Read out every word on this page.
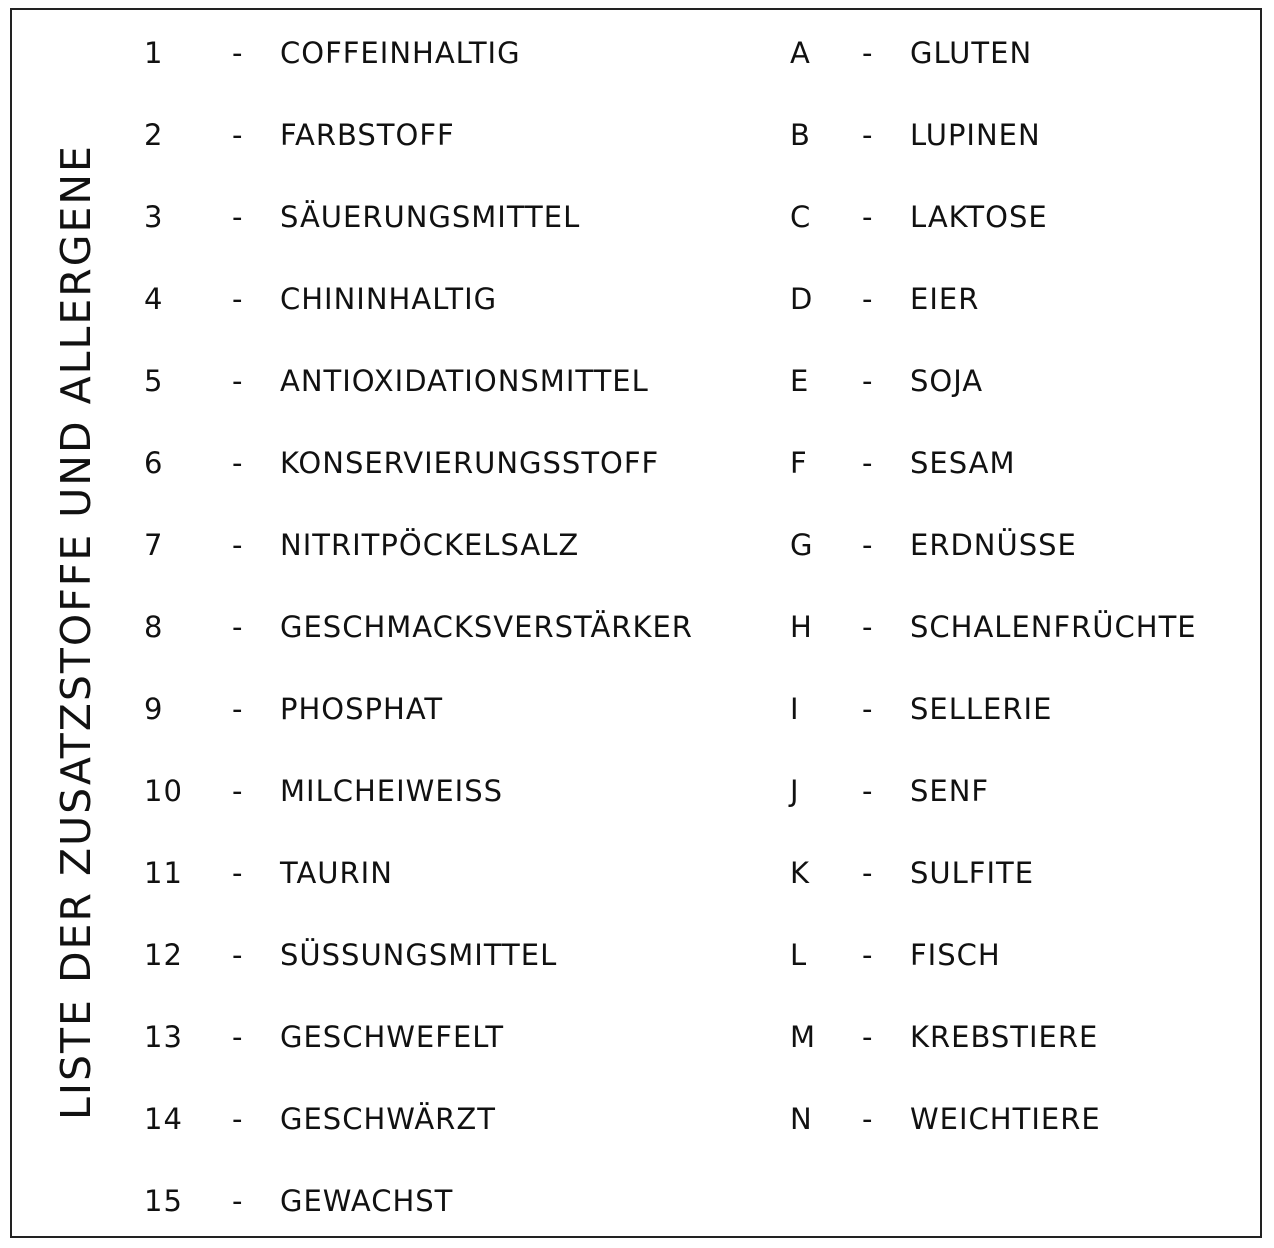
LISTE DER ZUSATZSTOFFE UND ALLERGENE
1 - COFFEINHALTIG
2 - FARBSTOFF
3 - SÄUERUNGSMITTEL
4 - CHININHALTIG
5 - ANTIOXIDATIONSMITTEL
6 - KONSERVIERUNGSSTOFF
7 - NITRITPÖCKELSALZ
8 - GESCHMACKSVERSTÄRKER
9 - PHOSPHAT
10 - MILCHEIWEISS
11 - TAURIN
12 - SÜSSUNGSMITTEL
13 - GESCHWEFELT
14 - GESCHWÄRZT
15 - GEWACHST
A - GLUTEN
B - LUPINEN
C - LAKTOSE
D - EIER
E - SOJA
F - SESAM
G - ERDNÜSSE
H - SCHALENFRÜCHTE
I - SELLERIE
J - SENF
K - SULFITE
L - FISCH
M - KREBSTIERE
N - WEICHTIERE
